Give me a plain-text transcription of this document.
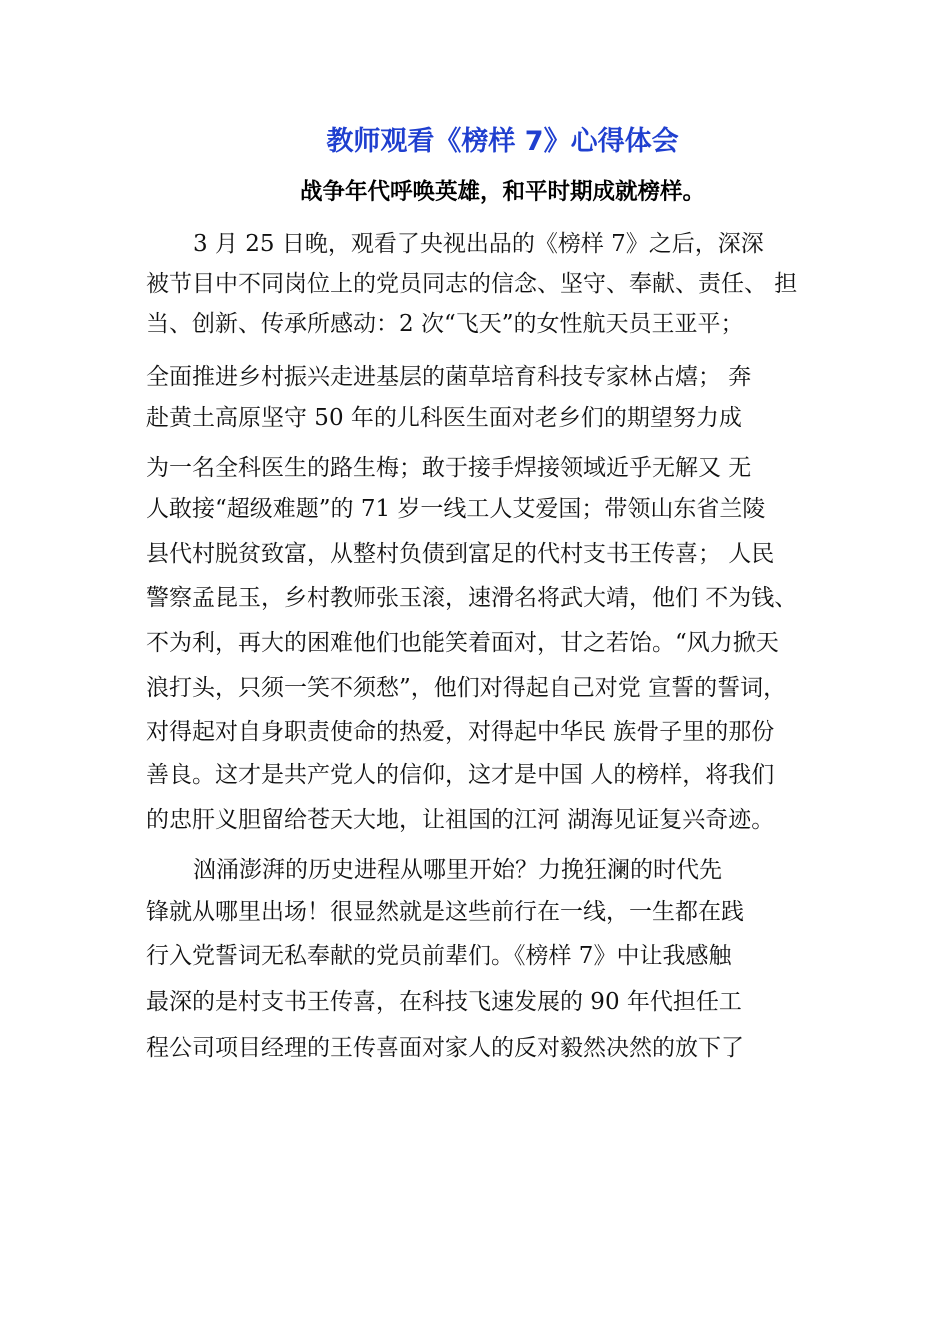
教师观看《榜样 7》心得体会
战争年代呼唤英雄，和平时期成就榜样。
3 月 25 日晚，观看了央视出品的《榜样 7》之后，深深
被节目中不同岗位上的党员同志的信念、坚守、奉献、责任、 担
当、创新、传承所感动：2 次“飞天”的女性航天员王亚平；
全面推进乡村振兴走进基层的菌草培育科技专家林占熺； 奔
赴黄土高原坚守 50 年的儿科医生面对老乡们的期望努力成
为一名全科医生的路生梅；敢于接手焊接领域近乎无解又 无
人敢接“超级难题”的 71 岁一线工人艾爱国；带领山东省兰陵
县代村脱贫致富，从整村负债到富足的代村支书王传喜； 人民
警察孟昆玉，乡村教师张玉滚，速滑名将武大靖，他们 不为钱、
不为利，再大的困难他们也能笑着面对，甘之若饴。“风力掀天
浪打头，只须一笑不须愁”，他们对得起自己对党 宣誓的誓词，
对得起对自身职责使命的热爱，对得起中华民 族骨子里的那份
善良。这才是共产党人的信仰，这才是中国 人的榜样，将我们
的忠肝义胆留给苍天大地，让祖国的江河 湖海见证复兴奇迹。
汹涌澎湃的历史进程从哪里开始？力挽狂澜的时代先
锋就从哪里出场！很显然就是这些前行在一线，一生都在践
行入党誓词无私奉献的党员前辈们。《榜样 7》中让我感触
最深的是村支书王传喜，在科技飞速发展的 90 年代担任工
程公司项目经理的王传喜面对家人的反对毅然决然的放下了
